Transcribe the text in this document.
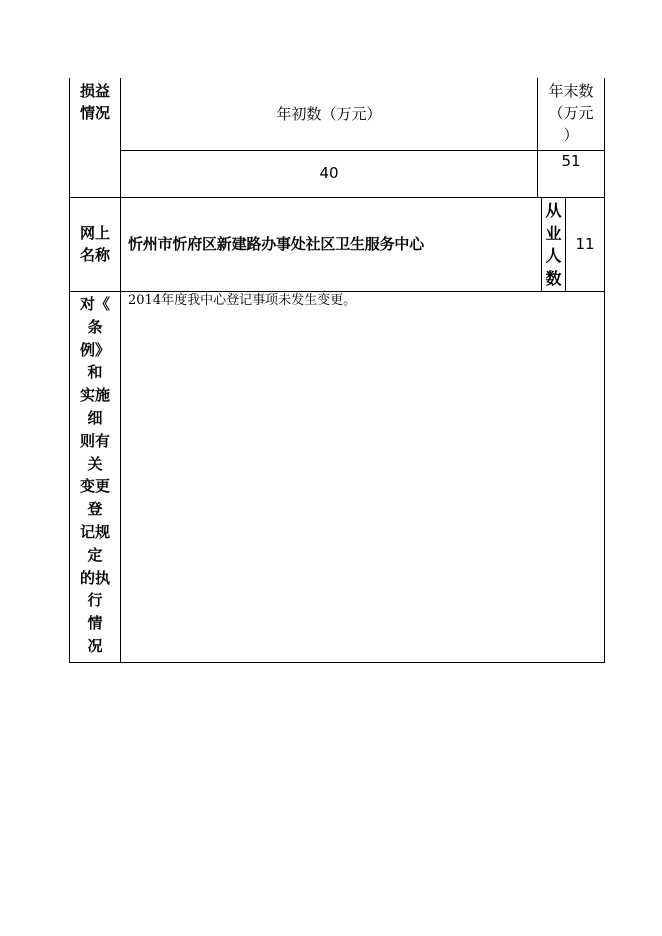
损益
情况	年初数（万元）
年末数
（万元
）
40
51
网上
名称
忻州市忻府区新建路办事处社区卫生服务中心
从
业
人
数
11
对《
条
例》
和
实施
细
则有
关
变更
登
记规
定
的执
行
情
况
2014年度我中心登记事项未发生变更。
